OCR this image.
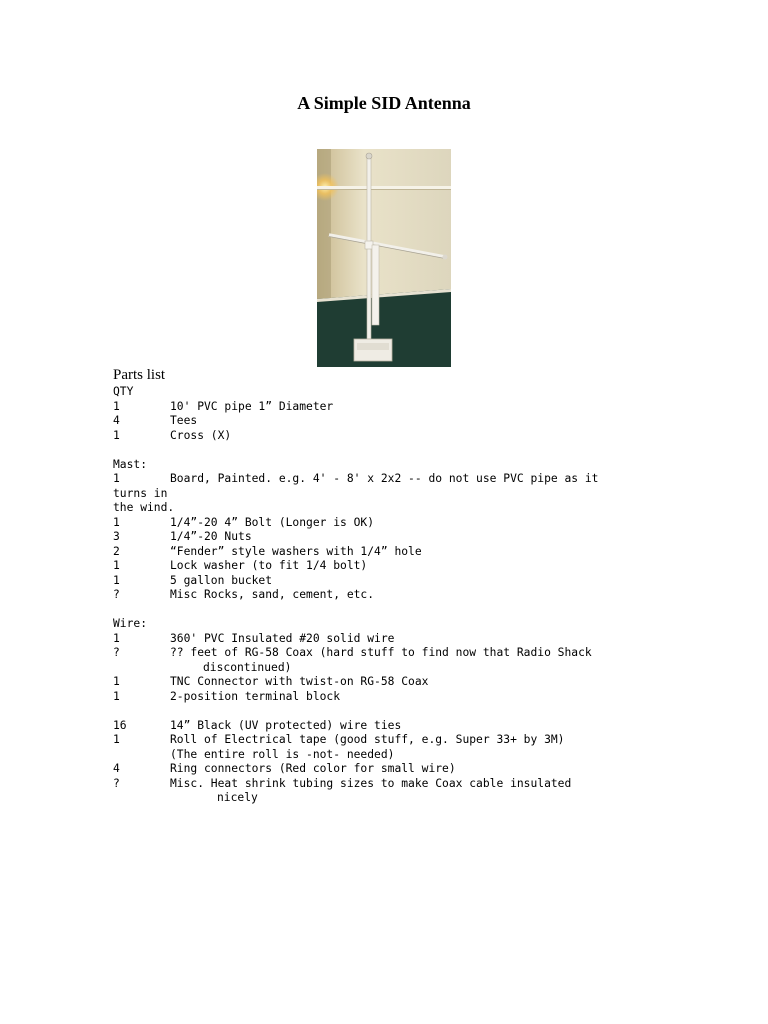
A Simple SID Antenna
Parts list
QTY
1	10' PVC pipe 1” Diameter
4	Tees
1	Cross (X)
Mast:
1	Board, Painted. e.g. 4' - 8' x 2x2 -- do not use PVC pipe as it
turns in
the wind.
1	1/4”-20 4” Bolt (Longer is OK)
3	1/4”-20 Nuts
2	“Fender” style washers with 1/4” hole
1	Lock washer (to fit 1/4 bolt)
1	5 gallon bucket
?	Misc Rocks, sand, cement, etc.
Wire:
1	360' PVC Insulated #20 solid wire
?	?? feet of RG-58 Coax (hard stuff to find now that Radio Shack
discontinued)
1	TNC Connector with twist-on RG-58 Coax
1	2-position terminal block
16	14” Black (UV protected) wire ties
1	Roll of Electrical tape (good stuff, e.g. Super 33+ by 3M)
(The entire roll is -not- needed)
4	Ring connectors (Red color for small wire)
?	Misc. Heat shrink tubing sizes to make Coax cable insulated
nicely
